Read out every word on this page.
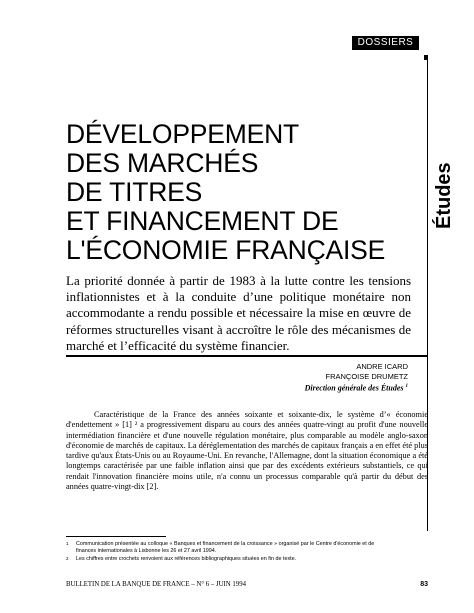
DOSSIERS
Études
DÉVELOPPEMENT
DES MARCHÉS
DE TITRES
ET FINANCEMENT DE
L'ÉCONOMIE FRANÇAISE
La priorité donnée à partir de 1983 à la lutte contre les tensions inflationnistes et à la conduite d’une politique monétaire non accommodante a rendu possible et nécessaire la mise en œuvre de réformes structurelles visant à accroître le rôle des mécanismes de marché et l’efficacité du système financier.
ANDRE ICARD
FRANÇOISE DRUMETZ
Direction générale des Études $^1$
Caractéristique de la France des années soixante et soixante-dix, le système d’« économie d'endettement » [1] ² a progressivement disparu au cours des années quatre-vingt au profit d'une nouvelle intermédiation financière et d'une nouvelle régulation monétaire, plus comparable au modèle anglo-saxon d'économie de marchés de capitaux. La déréglementation des marchés de capitaux français a en effet été plus tardive qu'aux États-Unis ou au Royaume-Uni. En revanche, l'Allemagne, dont la situation économique a été longtemps caractérisée par une faible inflation ainsi que par des excédents extérieurs substantiels, ce qui rendait l'innovation financière moins utile, n'a connu un processus comparable qu'à partir du début des années quatre-vingt-dix [2].
1 Communication présentée au colloque « Banques et financement de la croissance » organisé par le Centre d'économie et de finances internationales à Lisbonne les 26 et 27 avril 1994.
2 Les chiffres entre crochets renvoient aux références bibliographiques situées en fin de texte.
BULLETIN DE LA BANQUE DE FRANCE – N° 6 – JUIN 1994	83
